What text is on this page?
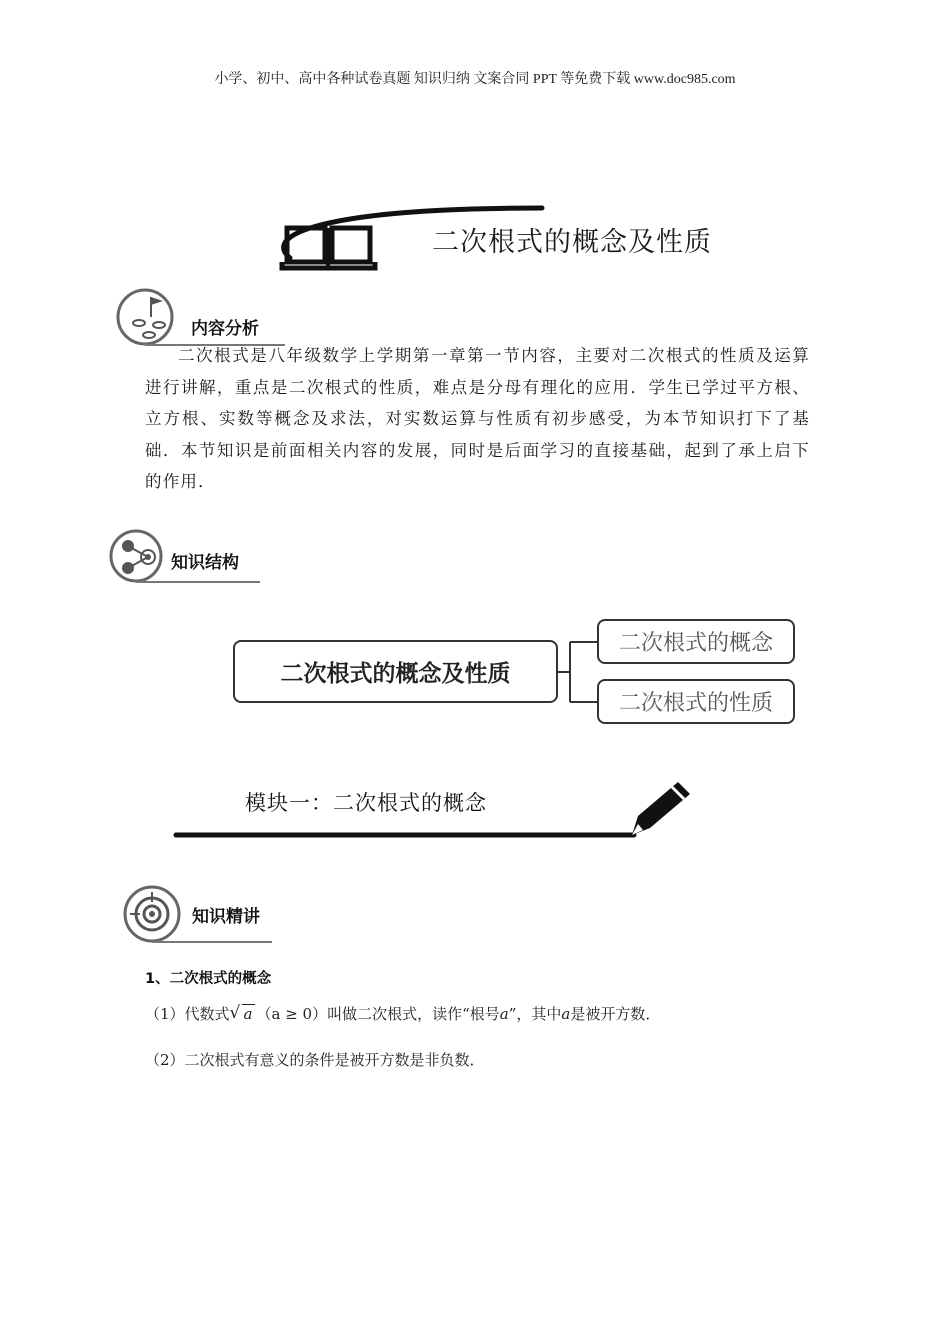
小学、初中、高中各种试卷真题 知识归纳 文案合同 PPT 等免费下载 www.doc985.com
二次根式的概念及性质
内容分析
二次根式是八年级数学上学期第一章第一节内容，主要对二次根式的性质及运算进行讲解，重点是二次根式的性质，难点是分母有理化的应用．学生已学过平方根、立方根、实数等概念及求法，对实数运算与性质有初步感受，为本节知识打下了基础．本节知识是前面相关内容的发展，同时是后面学习的直接基础，起到了承上启下的作用．
知识结构
二次根式的概念及性质
二次根式的概念
二次根式的性质
模块一：二次根式的概念
知识精讲
1、二次根式的概念
（1）代数式√ a （a ≥ 0）叫做二次根式，读作“根号a”，其中a是被开方数．
（2）二次根式有意义的条件是被开方数是非负数．
